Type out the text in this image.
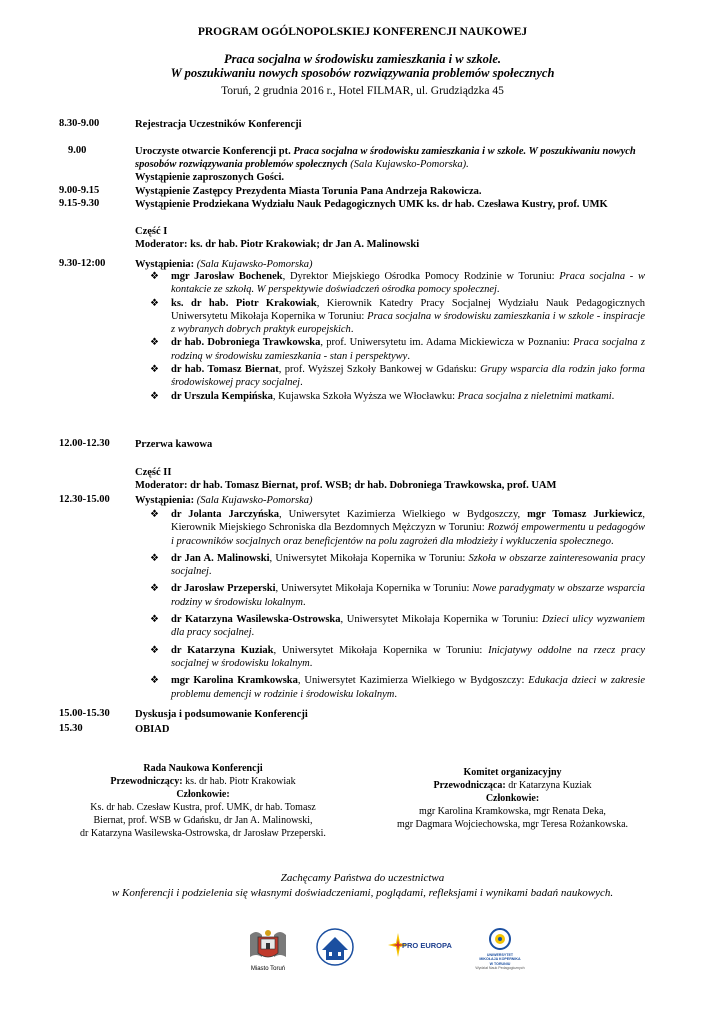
PROGRAM OGÓLNOPOLSKIEJ KONFERENCJI NAUKOWEJ
Praca socjalna w środowisku zamieszkania i w szkole.
W poszukiwaniu nowych sposobów rozwiązywania problemów społecznych
Toruń, 2 grudnia 2016 r., Hotel FILMAR, ul. Grudziądzka 45
8.30-9.00	Rejestracja Uczestników Konferencji
9.00	Uroczyste otwarcie Konferencji pt. Praca socjalna w środowisku zamieszkania i w szkole. W poszukiwaniu nowych sposobów rozwiązywania problemów społecznych (Sala Kujawsko-Pomorska).
Wystąpienie zaproszonych Gości.
9.00-9.15	Wystąpienie Zastępcy Prezydenta Miasta Torunia Pana Andrzeja Rakowicza.
9.15-9.30	Wystąpienie Prodziekana Wydziału Nauk Pedagogicznych UMK ks. dr hab. Czesława Kustry, prof. UMK
Część I
Moderator: ks. dr hab. Piotr Krakowiak; dr Jan A. Malinowski
9.30-12:00	Wystąpienia: (Sala Kujawsko-Pomorska)
❖ mgr Jarosław Bochenek, Dyrektor Miejskiego Ośrodka Pomocy Rodzinie w Toruniu: Praca socjalna - w kontakcie ze szkołą. W perspektywie doświadczeń ośrodka pomocy społecznej.
❖ ks. dr hab. Piotr Krakowiak, Kierownik Katedry Pracy Socjalnej Wydziału Nauk Pedagogicznych Uniwersytetu Mikołaja Kopernika w Toruniu: Praca socjalna w środowisku zamieszkania i w szkole - inspiracje z wybranych dobrych praktyk europejskich.
❖ dr hab. Dobroniega Trawkowska, prof. Uniwersytetu im. Adama Mickiewicza w Poznaniu: Praca socjalna z rodziną w środowisku zamieszkania - stan i perspektywy.
❖ dr hab. Tomasz Biernat, prof. Wyższej Szkoły Bankowej w Gdańsku: Grupy wsparcia dla rodzin jako forma środowiskowej pracy socjalnej.
❖ dr Urszula Kempińska, Kujawska Szkoła Wyższa we Włocławku: Praca socjalna z nieletnimi matkami.
12.00-12.30 Przerwa kawowa
Część II
Moderator: dr hab. Tomasz Biernat, prof. WSB; dr hab. Dobroniega Trawkowska, prof. UAM
12.30-15.00 Wystąpienia: (Sala Kujawsko-Pomorska)
❖ dr Jolanta Jarczyńska, Uniwersytet Kazimierza Wielkiego w Bydgoszczy, mgr Tomasz Jurkiewicz, Kierownik Miejskiego Schroniska dla Bezdomnych Mężczyzn w Toruniu: Rozwój empowermentu u pedagogów i pracowników socjalnych oraz beneficjentów na polu zagrożeń dla młodzieży i wykluczenia społecznego.
❖ dr Jan A. Malinowski, Uniwersytet Mikołaja Kopernika w Toruniu: Szkoła w obszarze zainteresowania pracy socjalnej.
❖ dr Jarosław Przeperski, Uniwersytet Mikołaja Kopernika w Toruniu: Nowe paradygmaty w obszarze wsparcia rodziny w środowisku lokalnym.
❖ dr Katarzyna Wasilewska-Ostrowska, Uniwersytet Mikołaja Kopernika w Toruniu: Dzieci ulicy wyzwaniem dla pracy socjalnej.
❖ dr Katarzyna Kuziak, Uniwersytet Mikołaja Kopernika w Toruniu: Inicjatywy oddolne na rzecz pracy socjalnej w środowisku lokalnym.
❖ mgr Karolina Kramkowska, Uniwersytet Kazimierza Wielkiego w Bydgoszczy: Edukacja dzieci w zakresie problemu demencji w rodzinie i środowisku lokalnym.
15.00-15.30 Dyskusja i podsumowanie Konferencji
15.30	OBIAD
Rada Naukowa Konferencji
Przewodniczący: ks. dr hab. Piotr Krakowiak
Członkowie:
Ks. dr hab. Czesław Kustra, prof. UMK, dr hab. Tomasz
Biernat, prof. WSB w Gdańsku, dr Jan A. Malinowski,
dr Katarzyna Wasilewska-Ostrowska, dr Jarosław Przeperski.
Komitet organizacyjny
Przewodnicząca: dr Katarzyna Kuziak
Członkowie:
mgr Karolina Kramkowska, mgr Renata Deka,
mgr Dagmara Wojciechowska, mgr Teresa Rożankowska.
Zachęcamy Państwa do uczestnictwa
w Konferencji i podzielenia się własnymi doświadczeniami, poglądami, refleksjami i wynikami badań naukowych.
Miasto Toruń
PRO EUROPA
UNIWERSYTET
MIKOŁAJA KOPERNIKA
W TORUNIU
Wydział Nauk Pedagogicznych
